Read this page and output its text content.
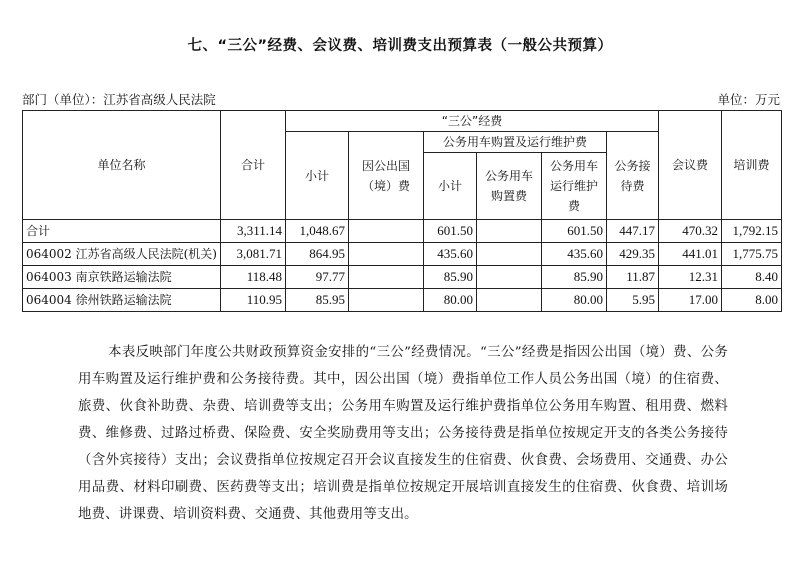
七、“三公”经费、会议费、培训费支出预算表（一般公共预算）
部门（单位）：江苏省高级人民法院	单位：万元
单位名称	合计	“三公”经费						会议费	培训费
		小计	因公出国（境）费	公务用车购置及运行维护费			公务接待费		
				小计	公务用车购置费	公务用车运行维护费			

合计	3,311.14	1,048.67		601.50		601.50	447.17	470.32	1,792.15
064002 江苏省高级人民法院(机关)	3,081.71	864.95		435.60		435.60	429.35	441.01	1,775.75
064003 南京铁路运输法院	118.48	97.77		85.90		85.90	11.87	12.31	8.40
064004 徐州铁路运输法院	110.95	85.95		80.00		80.00	5.95	17.00	8.00
本表反映部门年度公共财政预算资金安排的“三公”经费情况。“三公”经费是指因公出国（境）费、公务用车购置及运行维护费和公务接待费。其中，因公出国（境）费指单位工作人员公务出国（境）的住宿费、旅费、伙食补助费、杂费、培训费等支出；公务用车购置及运行维护费指单位公务用车购置、租用费、燃料费、维修费、过路过桥费、保险费、安全奖励费用等支出；公务接待费是指单位按规定开支的各类公务接待（含外宾接待）支出；会议费指单位按规定召开会议直接发生的住宿费、伙食费、会场费用、交通费、办公用品费、材料印刷费、医药费等支出；培训费是指单位按规定开展培训直接发生的住宿费、伙食费、培训场地费、讲课费、培训资料费、交通费、其他费用等支出。
